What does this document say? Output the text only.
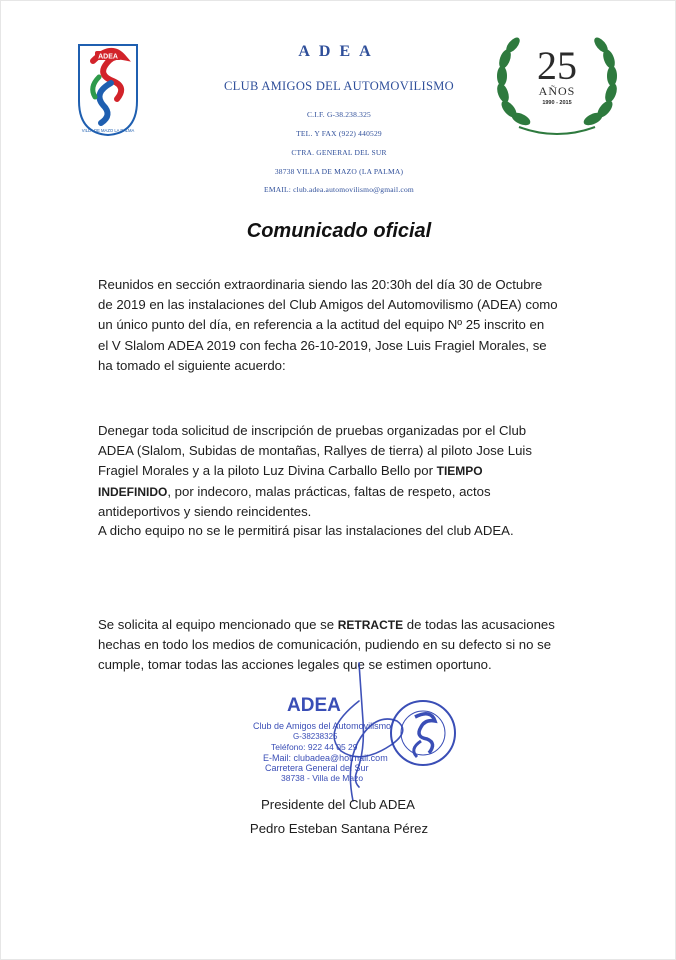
ADEA
VILLA DE MAZO LA PALMA
ADEA
CLUB AMIGOS DEL AUTOMOVILISMO
C.I.F. G-38.238.325
TEL. Y FAX (922) 440529
CTRA. GENERAL DEL SUR
38738 VILLA DE MAZO (LA PALMA)
EMAIL: club.adea.automovilismo@gmail.com
25
AÑOS
1990 - 2015
Comunicado oficial
Reunidos en sección extraordinaria siendo las 20:30h del día 30 de Octubre de 2019 en las instalaciones del Club Amigos del Automovilismo (ADEA) como un único punto del día, en referencia a la actitud del equipo Nº 25 inscrito en el V Slalom ADEA 2019 con fecha 26-10-2019, Jose Luis Fragiel Morales, se ha tomado el siguiente acuerdo:
Denegar toda solicitud de inscripción de pruebas organizadas por el Club ADEA (Slalom, Subidas de montañas, Rallyes de tierra) al piloto Jose Luis Fragiel Morales y a la piloto Luz Divina Carballo Bello por TIEMPO INDEFINIDO, por indecoro, malas prácticas, faltas de respeto, actos antideportivos y siendo reincidentes.
A dicho equipo no se le permitirá pisar las instalaciones del club ADEA.
Se solicita al equipo mencionado que se RETRACTE de todas las acusaciones hechas en todo los medios de comunicación, pudiendo en su defecto si no se cumple, tomar todas las acciones legales que se estimen oportuno.
ADEA
Club de Amigos del Automovilismo
G-38238325
Teléfono: 922 44 05 29
E-Mail: clubadea@hotmail.com
Carretera General del Sur
38738 - Villa de Mazo
Presidente del Club ADEA
Pedro Esteban Santana Pérez
